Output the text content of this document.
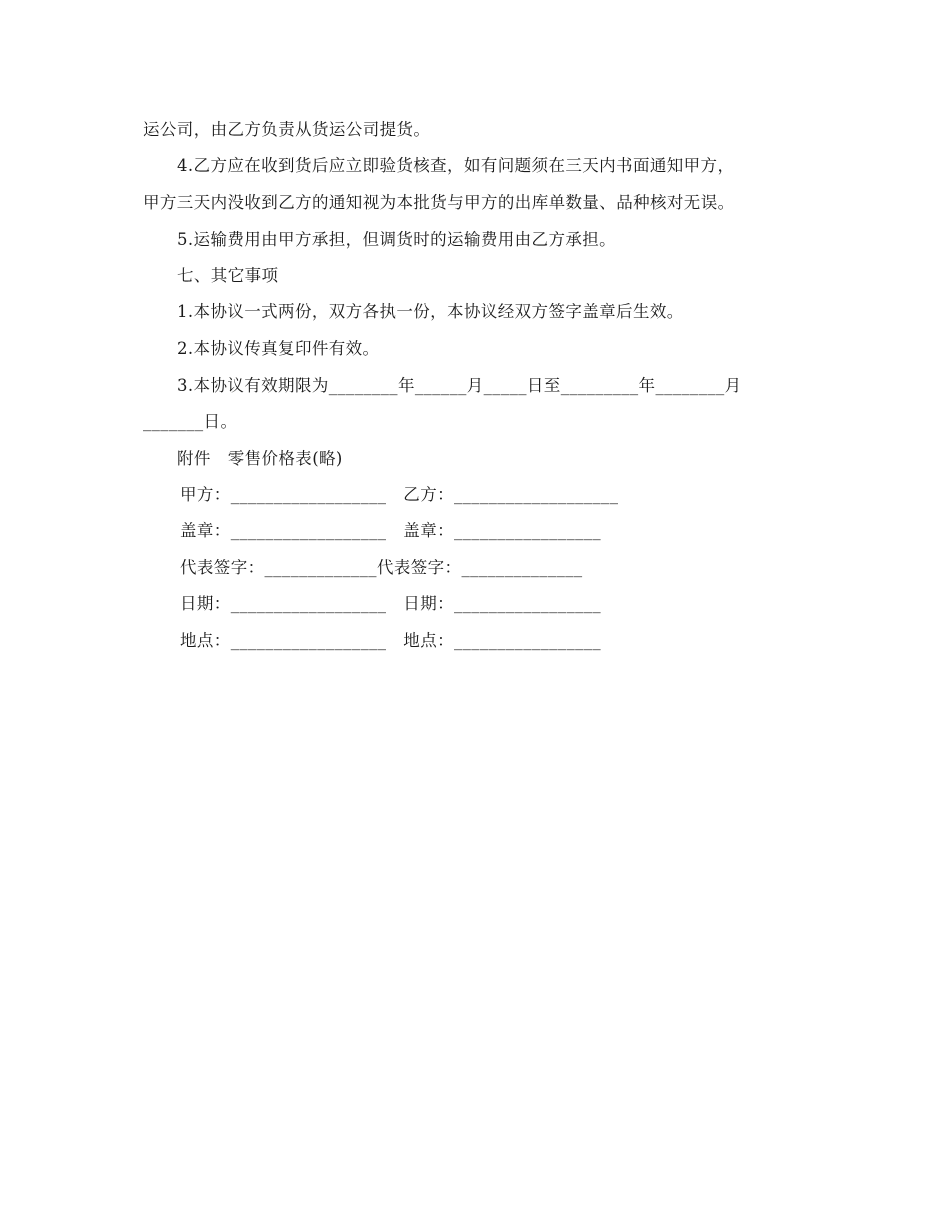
运公司，由乙方负责从货运公司提货。
4.乙方应在收到货后应立即验货核查，如有问题须在三天内书面通知甲方，
甲方三天内没收到乙方的通知视为本批货与甲方的出库单数量、品种核对无误。
5.运输费用由甲方承担，但调货时的运输费用由乙方承担。
七、其它事项
1.本协议一式两份，双方各执一份，本协议经双方签字盖章后生效。
2.本协议传真复印件有效。
3.本协议有效期限为________年______月_____日至_________年________月
_______日。
附件　零售价格表(略)
甲方：__________________　乙方：___________________
盖章：__________________　盖章：_________________
代表签字：_____________代表签字：______________
日期：__________________　日期：_________________
地点：__________________　地点：_________________
